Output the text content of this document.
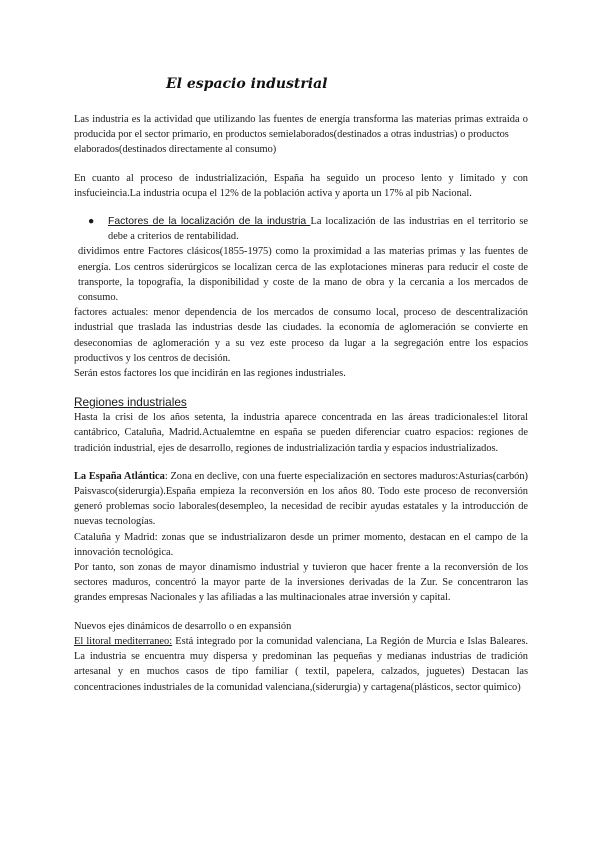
El espacio industrial

Las industria es la actividad que utilizando las fuentes de energía transforma las materias primas extraida o producida por el sector primario, en productos semielaborados(destinados a otras industrias) o productos
elaborados(destinados directamente al consumo)

En cuanto al proceso de industrialización, España ha seguido un proceso lento y limitado y con insfucieincia.La industria ocupa el 12% de la población activa y aporta un 17% al pib Nacional.

● Factores de la localización de la industria La localización de las industrias en el territorio se debe a criterios de rentabilidad.

dividimos entre Factores clásicos(1855-1975) como la proximidad a las materias primas y las fuentes de energía. Los centros siderúrgicos se localizan cerca de las explotaciones mineras para reducir el coste de transporte, la topografía, la disponibilidad y coste de la mano de obra y la cercania a los mercados de consumo.

factores actuales: menor dependencia de los mercados de consumo local, proceso de descentralización industrial que traslada las industrias desde las ciudades. la economía de aglomeración se convierte en deseconomias de aglomeración y a su vez este proceso da lugar a la segregación entre los espacios productivos y los centros de decisión.

Serán estos factores los que incidirán en las regiones industriales.

Regiones industriales

Hasta la crisi de los años setenta, la industria aparece concentrada en las áreas tradicionales:el litoral cantábrico, Cataluña, Madrid.Actualemtne en españa se pueden diferenciar cuatro espacios: regiones de tradición industrial, ejes de desarrollo, regiones de industrialización tardia y espacios industrializados.

La España Atlántica: Zona en declive, con una fuerte especialización en sectores maduros:Asturias(carbón) Paisvasco(siderurgia).España empieza la reconversión en los años 80. Todo este proceso de reconversión generó problemas socio laborales(desempleo, la necesidad de recibir ayudas estatales y la introducción de nuevas tecnologías.

Cataluña y Madrid: zonas que se industrializaron desde un primer momento, destacan en el campo de la innovación tecnológica.

Por tanto, son zonas de mayor dinamismo industrial y tuvieron que hacer frente a la reconversión de los sectores maduros, concentró la mayor parte de la inversiones derivadas de la Zur. Se concentraron las grandes empresas Nacionales y las afiliadas a las multinacionales atrae inversión y capital.

Nuevos ejes dinámicos de desarrollo o en expansión

El litoral mediterraneo: Está integrado por la comunidad valenciana, La Región de Murcia e Islas Baleares. La industria se encuentra muy dispersa y predominan las pequeñas y medianas industrias de tradición artesanal y en muchos casos de tipo familiar ( textil, papelera, calzados, juguetes) Destacan las concentraciones industriales de la comunidad valenciana,(siderurgia) y cartagena(plásticos, sector quimico)
